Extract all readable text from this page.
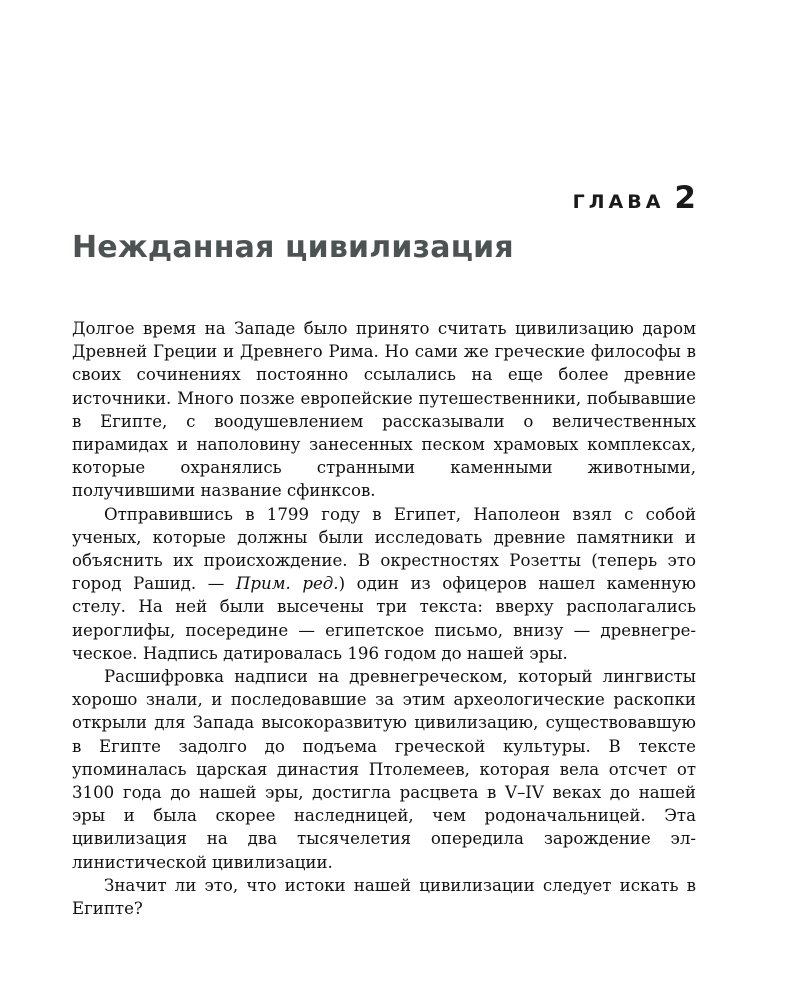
ГЛАВА 2
Нежданная цивилизация

Долгое время на Западе было принято считать цивилизацию даром Древней Греции и Древнего Рима. Но сами же греческие философы в своих сочинениях постоянно ссылались на еще более древние источники. Много позже европейские путешественники, побывавшие в Египте, с воодушевлением рассказывали о величественных пирамидах и наполовину занесенных песком храмовых комплексах, которые охранялись странными каменными животными, получившими название сфинксов.

Отправившись в 1799 году в Египет, Наполеон взял с собой ученых, которые должны были исследовать древние памятники и объяснить их происхождение. В окрестностях Розетты (теперь это город Рашид. — Прим. ред.) один из офицеров нашел каменную стелу. На ней были высечены три текста: вверху располагались иероглифы, посередине — египетское письмо, внизу — древнегреческое. Надпись датировалась 196 годом до нашей эры.

Расшифровка надписи на древнегреческом, который лингвисты хорошо знали, и последовавшие за этим археологические раскопки открыли для Запада высокоразвитую цивилизацию, существовавшую в Египте задолго до подъема греческой культуры. В тексте упоминалась царская династия Птолемеев, которая вела отсчет от 3100 года до нашей эры, достигла расцвета в V–IV веках до нашей эры и была скорее наследницей, чем родоначальницей. Эта цивилизация на два тысячелетия опередила зарождение эллинистической цивилизации.

Значит ли это, что истоки нашей цивилизации следует искать в Египте?
